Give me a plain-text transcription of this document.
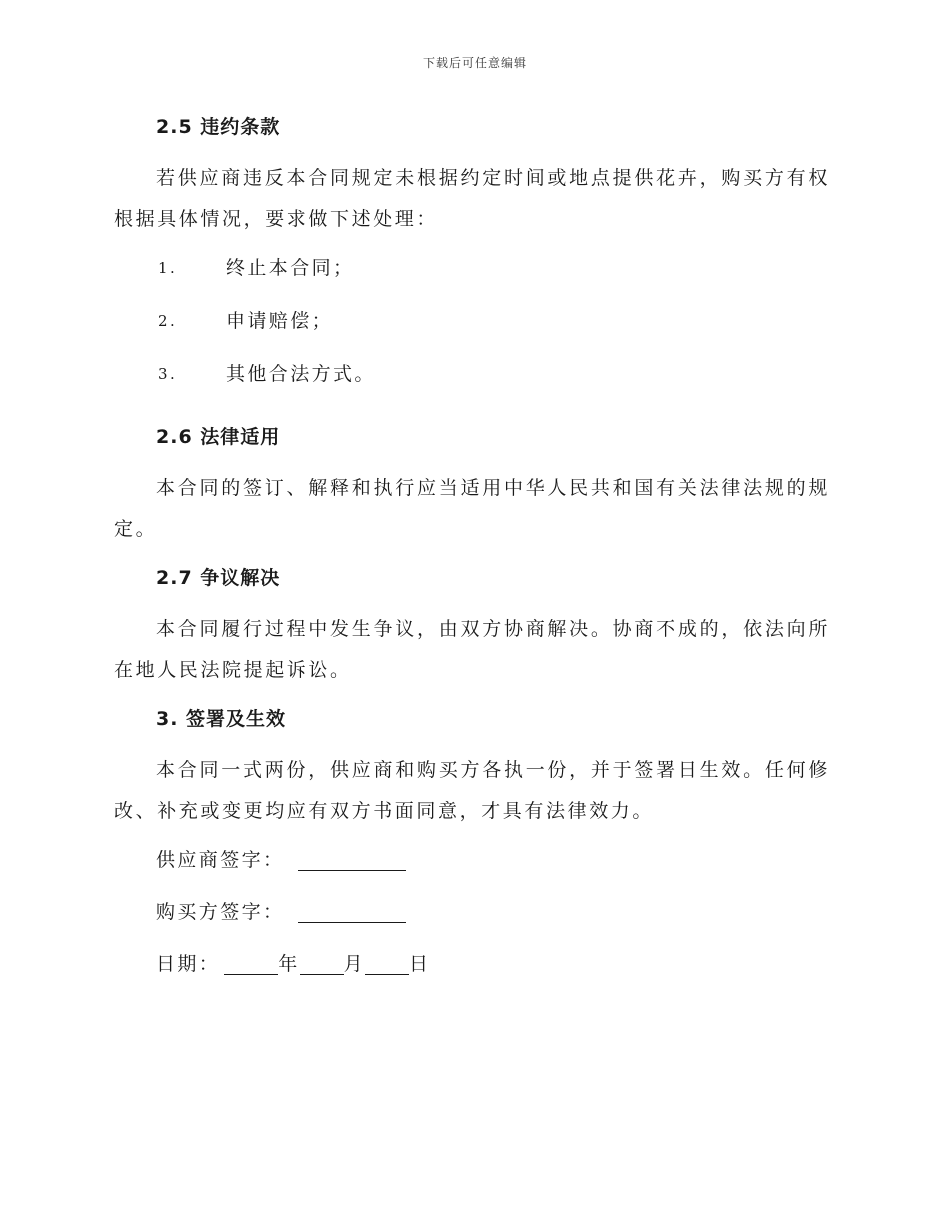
下载后可任意编辑
2.5 违约条款

若供应商违反本合同规定未根据约定时间或地点提供花卉，购买方有权根据具体情况，要求做下述处理：

1.	终止本合同；
2.	申请赔偿；
3.	其他合法方式。
2.6 法律适用

本合同的签订、解释和执行应当适用中华人民共和国有关法律法规的规定。

2.7 争议解决

本合同履行过程中发生争议，由双方协商解决。协商不成的，依法向所在地人民法院提起诉讼。

3. 签署及生效

本合同一式两份，供应商和购买方各执一份，并于签署日生效。任何修改、补充或变更均应有双方书面同意，才具有法律效力。

供应商签字：
购买方签字：
日期：	年 月 日
